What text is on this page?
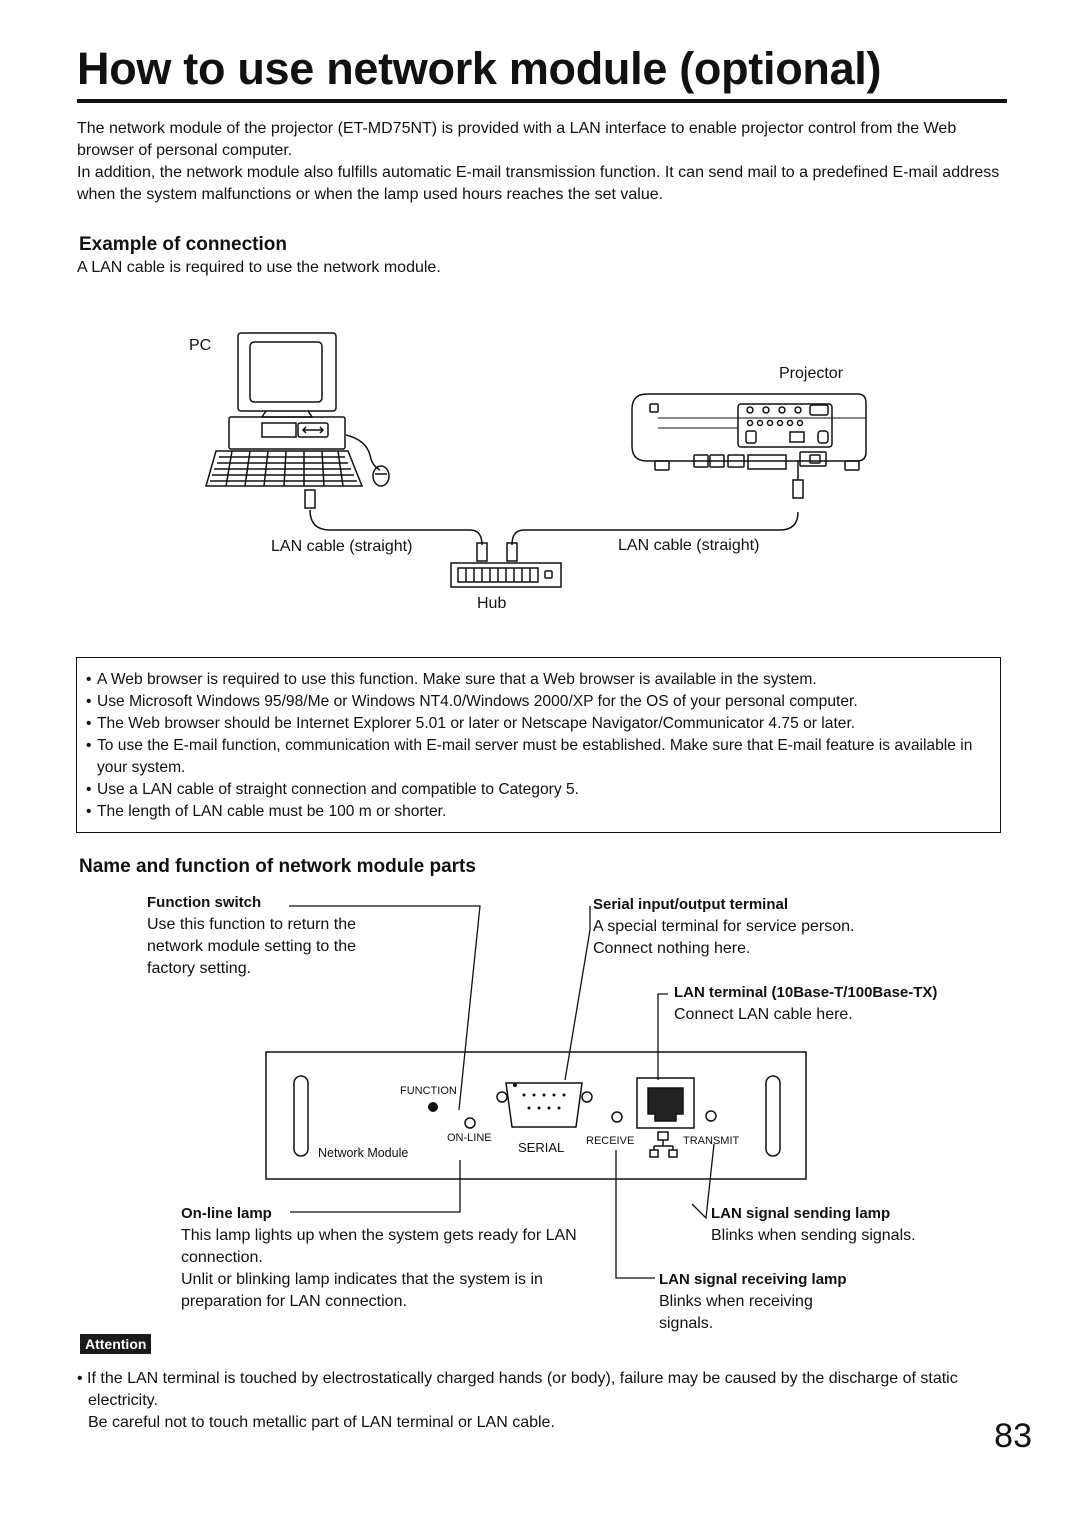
How to use network module (optional)
The network module of the projector (ET-MD75NT) is provided with a LAN interface to enable projector control from the Web browser of personal computer.
In addition, the network module also fulfills automatic E-mail transmission function. It can send mail to a predefined E-mail address when the system malfunctions or when the lamp used hours reaches the set value.
Example of connection
A LAN cable is required to use the network module.
PC
Projector
LAN cable (straight)	LAN cable (straight)
Hub
• A Web browser is required to use this function. Make sure that a Web browser is available in the system.
• Use Microsoft Windows 95/98/Me or Windows NT4.0/Windows 2000/XP for the OS of your personal computer.
• The Web browser should be Internet Explorer 5.01 or later or Netscape Navigator/Communicator 4.75 or later.
• To use the E-mail function, communication with E-mail server must be established. Make sure that E-mail feature is available in your system.
• Use a LAN cable of straight connection and compatible to Category 5.
• The length of LAN cable must be 100 m or shorter.
Name and function of network module parts
Function switch
Use this function to return the network module setting to the factory setting.
Serial input/output terminal
A special terminal for service person. Connect nothing here.
LAN terminal (10Base-T/100Base-TX)
Connect LAN cable here.
FUNCTION
ON-LINE
SERIAL RECEIVE	TRANSMIT
Network Module
On-line lamp
This lamp lights up when the system gets ready for LAN connection.
Unlit or blinking lamp indicates that the system is in preparation for LAN connection.
LAN signal sending lamp
Blinks when sending signals.
LAN signal receiving lamp
Blinks when receiving signals.
Attention
• If the LAN terminal is touched by electrostatically charged hands (or body), failure may be caused by the discharge of static electricity.
Be careful not to touch metallic part of LAN terminal or LAN cable.	83
